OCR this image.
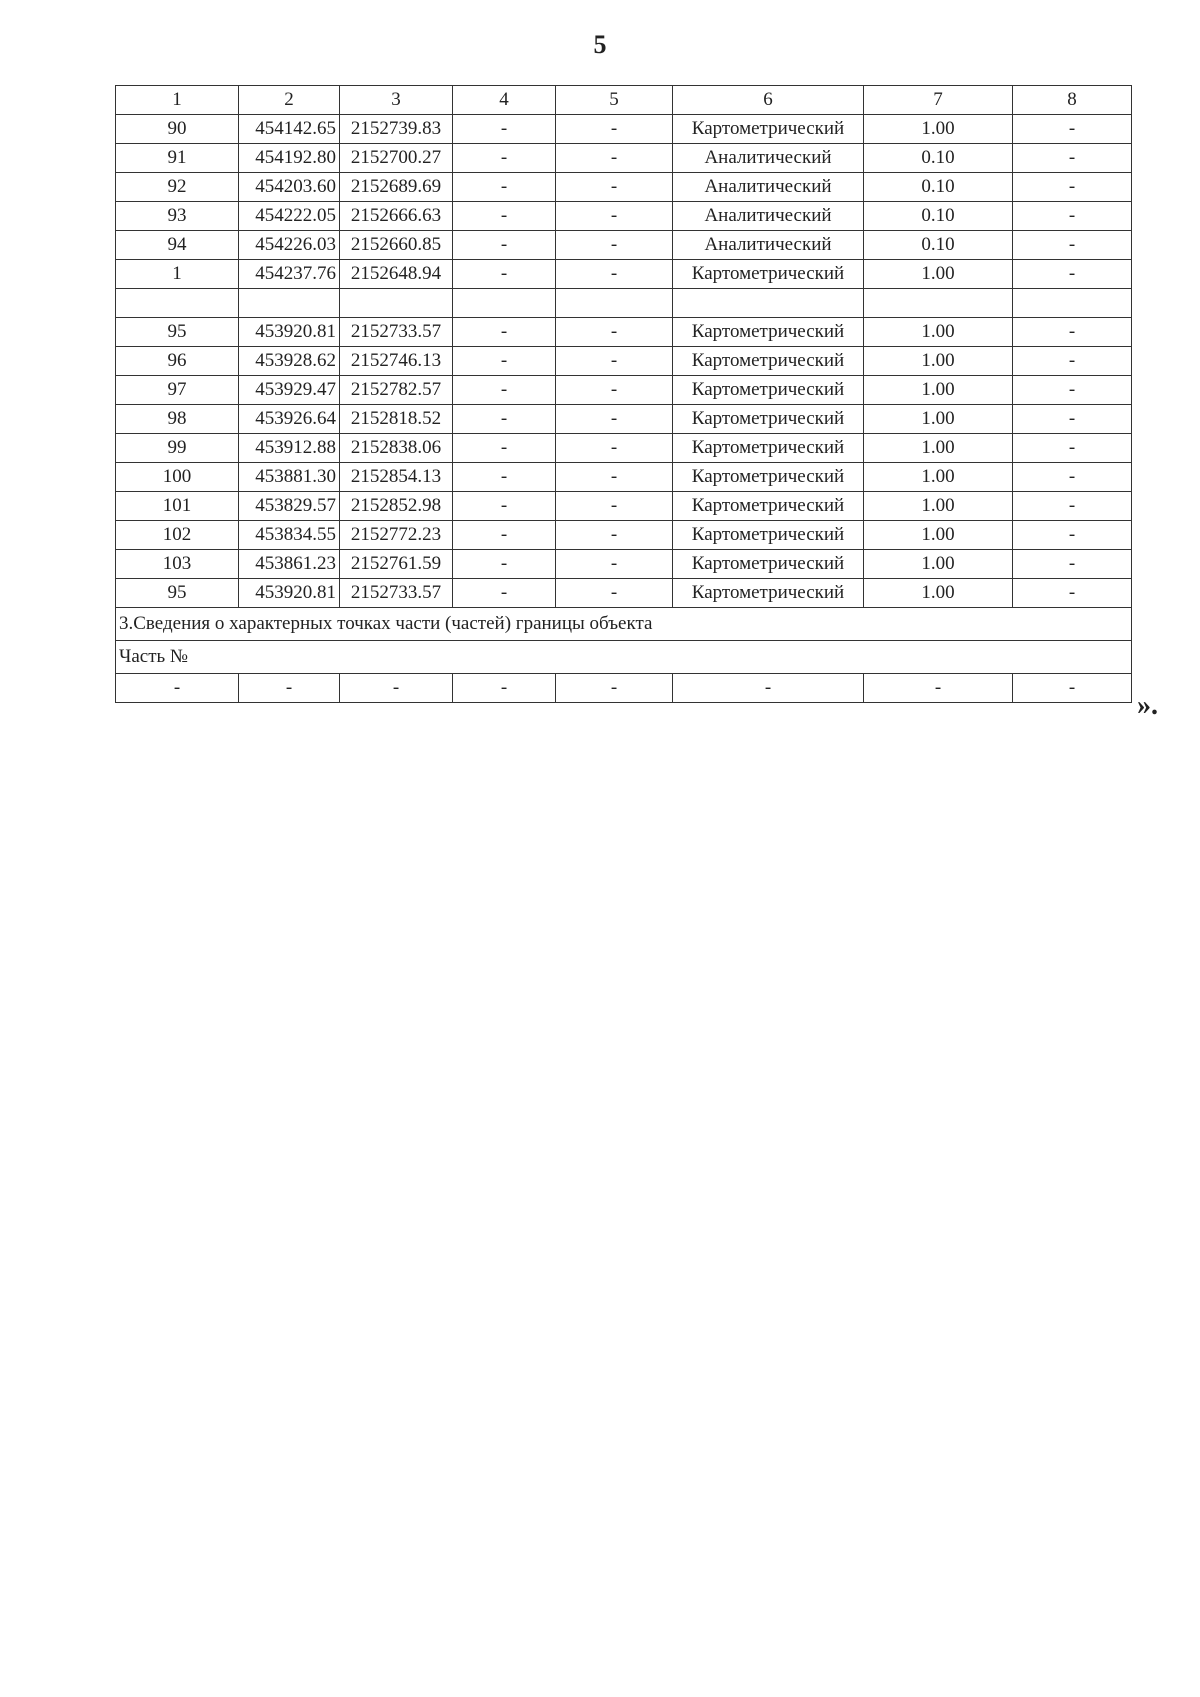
5
1	2	3	4	5	6	7	8
90	454142.65	2152739.83	-	-	Картометрический	1.00	-
91	454192.80	2152700.27	-	-	Аналитический	0.10	-
92	454203.60	2152689.69	-	-	Аналитический	0.10	-
93	454222.05	2152666.63	-	-	Аналитический	0.10	-
94	454226.03	2152660.85	-	-	Аналитический	0.10	-
1	454237.76	2152648.94	-	-	Картометрический	1.00	-

95	453920.81	2152733.57	-	-	Картометрический	1.00	-
96	453928.62	2152746.13	-	-	Картометрический	1.00	-
97	453929.47	2152782.57	-	-	Картометрический	1.00	-
98	453926.64	2152818.52	-	-	Картометрический	1.00	-
99	453912.88	2152838.06	-	-	Картометрический	1.00	-
100	453881.30	2152854.13	-	-	Картометрический	1.00	-
101	453829.57	2152852.98	-	-	Картометрический	1.00	-
102	453834.55	2152772.23	-	-	Картометрический	1.00	-
103	453861.23	2152761.59	-	-	Картометрический	1.00	-
95	453920.81	2152733.57	-	-	Картометрический	1.00	-
3.Сведения о характерных точках части (частей) границы объекта							
Часть №							
-	-	-	-	-	-	-	-
».
